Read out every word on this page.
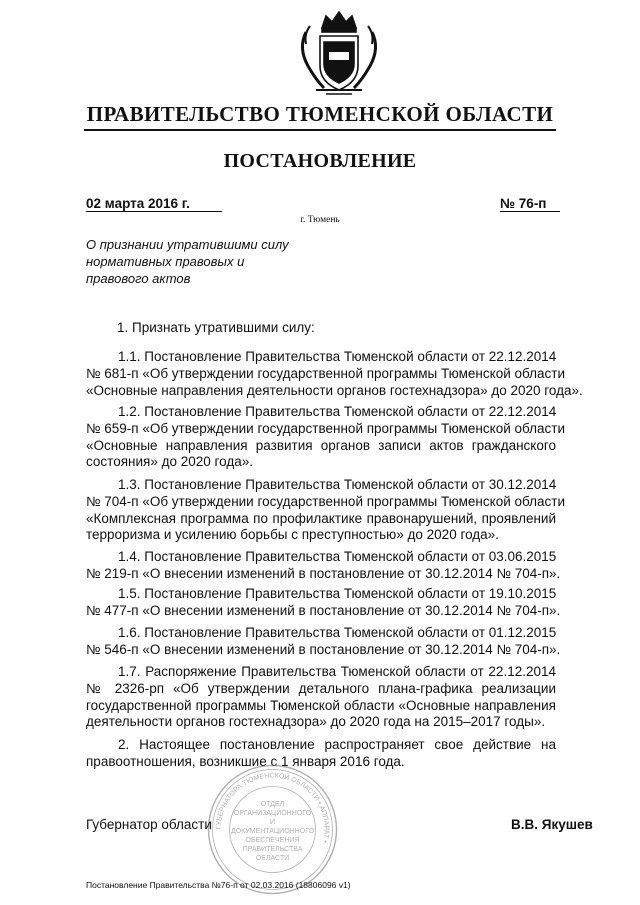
ПРАВИТЕЛЬСТВО ТЮМЕНСКОЙ ОБЛАСТИ
ПОСТАНОВЛЕНИЕ
02 марта 2016 г.	№ 76-п
г. Тюмень
О признании утратившими силу
нормативных правовых и
правового актов
1. Признать утратившими силу:
1.1. Постановление Правительства Тюменской области от 22.12.2014
№ 681-п «Об утверждении государственной программы Тюменской области
«Основные направления деятельности органов гостехнадзора» до 2020 года».
1.2. Постановление Правительства Тюменской области от 22.12.2014
№ 659-п «Об утверждении государственной программы Тюменской области
«Основные направления развития органов записи актов гражданского
состояния» до 2020 года».
1.3. Постановление Правительства Тюменской области от 30.12.2014
№ 704-п «Об утверждении государственной программы Тюменской области
«Комплексная программа по профилактике правонарушений, проявлений
терроризма и усилению борьбы с преступностью» до 2020 года».
1.4. Постановление Правительства Тюменской области от 03.06.2015
№ 219-п «О внесении изменений в постановление от 30.12.2014 № 704-п».
1.5. Постановление Правительства Тюменской области от 19.10.2015
№ 477-п «О внесении изменений в постановление от 30.12.2014 № 704-п».
1.6. Постановление Правительства Тюменской области от 01.12.2015
№ 546-п «О внесении изменений в постановление от 30.12.2014 № 704-п».
1.7. Распоряжение Правительства Тюменской области от 22.12.2014
№ 2326-рп «Об утверждении детального плана-графика реализации
государственной программы Тюменской области «Основные направления
деятельности органов гостехнадзора» до 2020 года на 2015–2017 годы».
2. Настоящее постановление распространяет свое действие на
правоотношения, возникшие с 1 января 2016 года.
ГУБЕРНАТОРА ТЮМЕНСКОЙ ОБЛАСТИ • АППАРАТ •
ОТДЕЛ
ОРГАНИЗАЦИОННОГО
И
ДОКУМЕНТАЦИОННОГО
ОБЕСПЕЧЕНИЯ
ПРАВИТЕЛЬСТВА
ОБЛАСТИ
Губернатор области	В.В. Якушев
Постановление Правительства №76-п от 02.03.2016 (18806096 v1)
